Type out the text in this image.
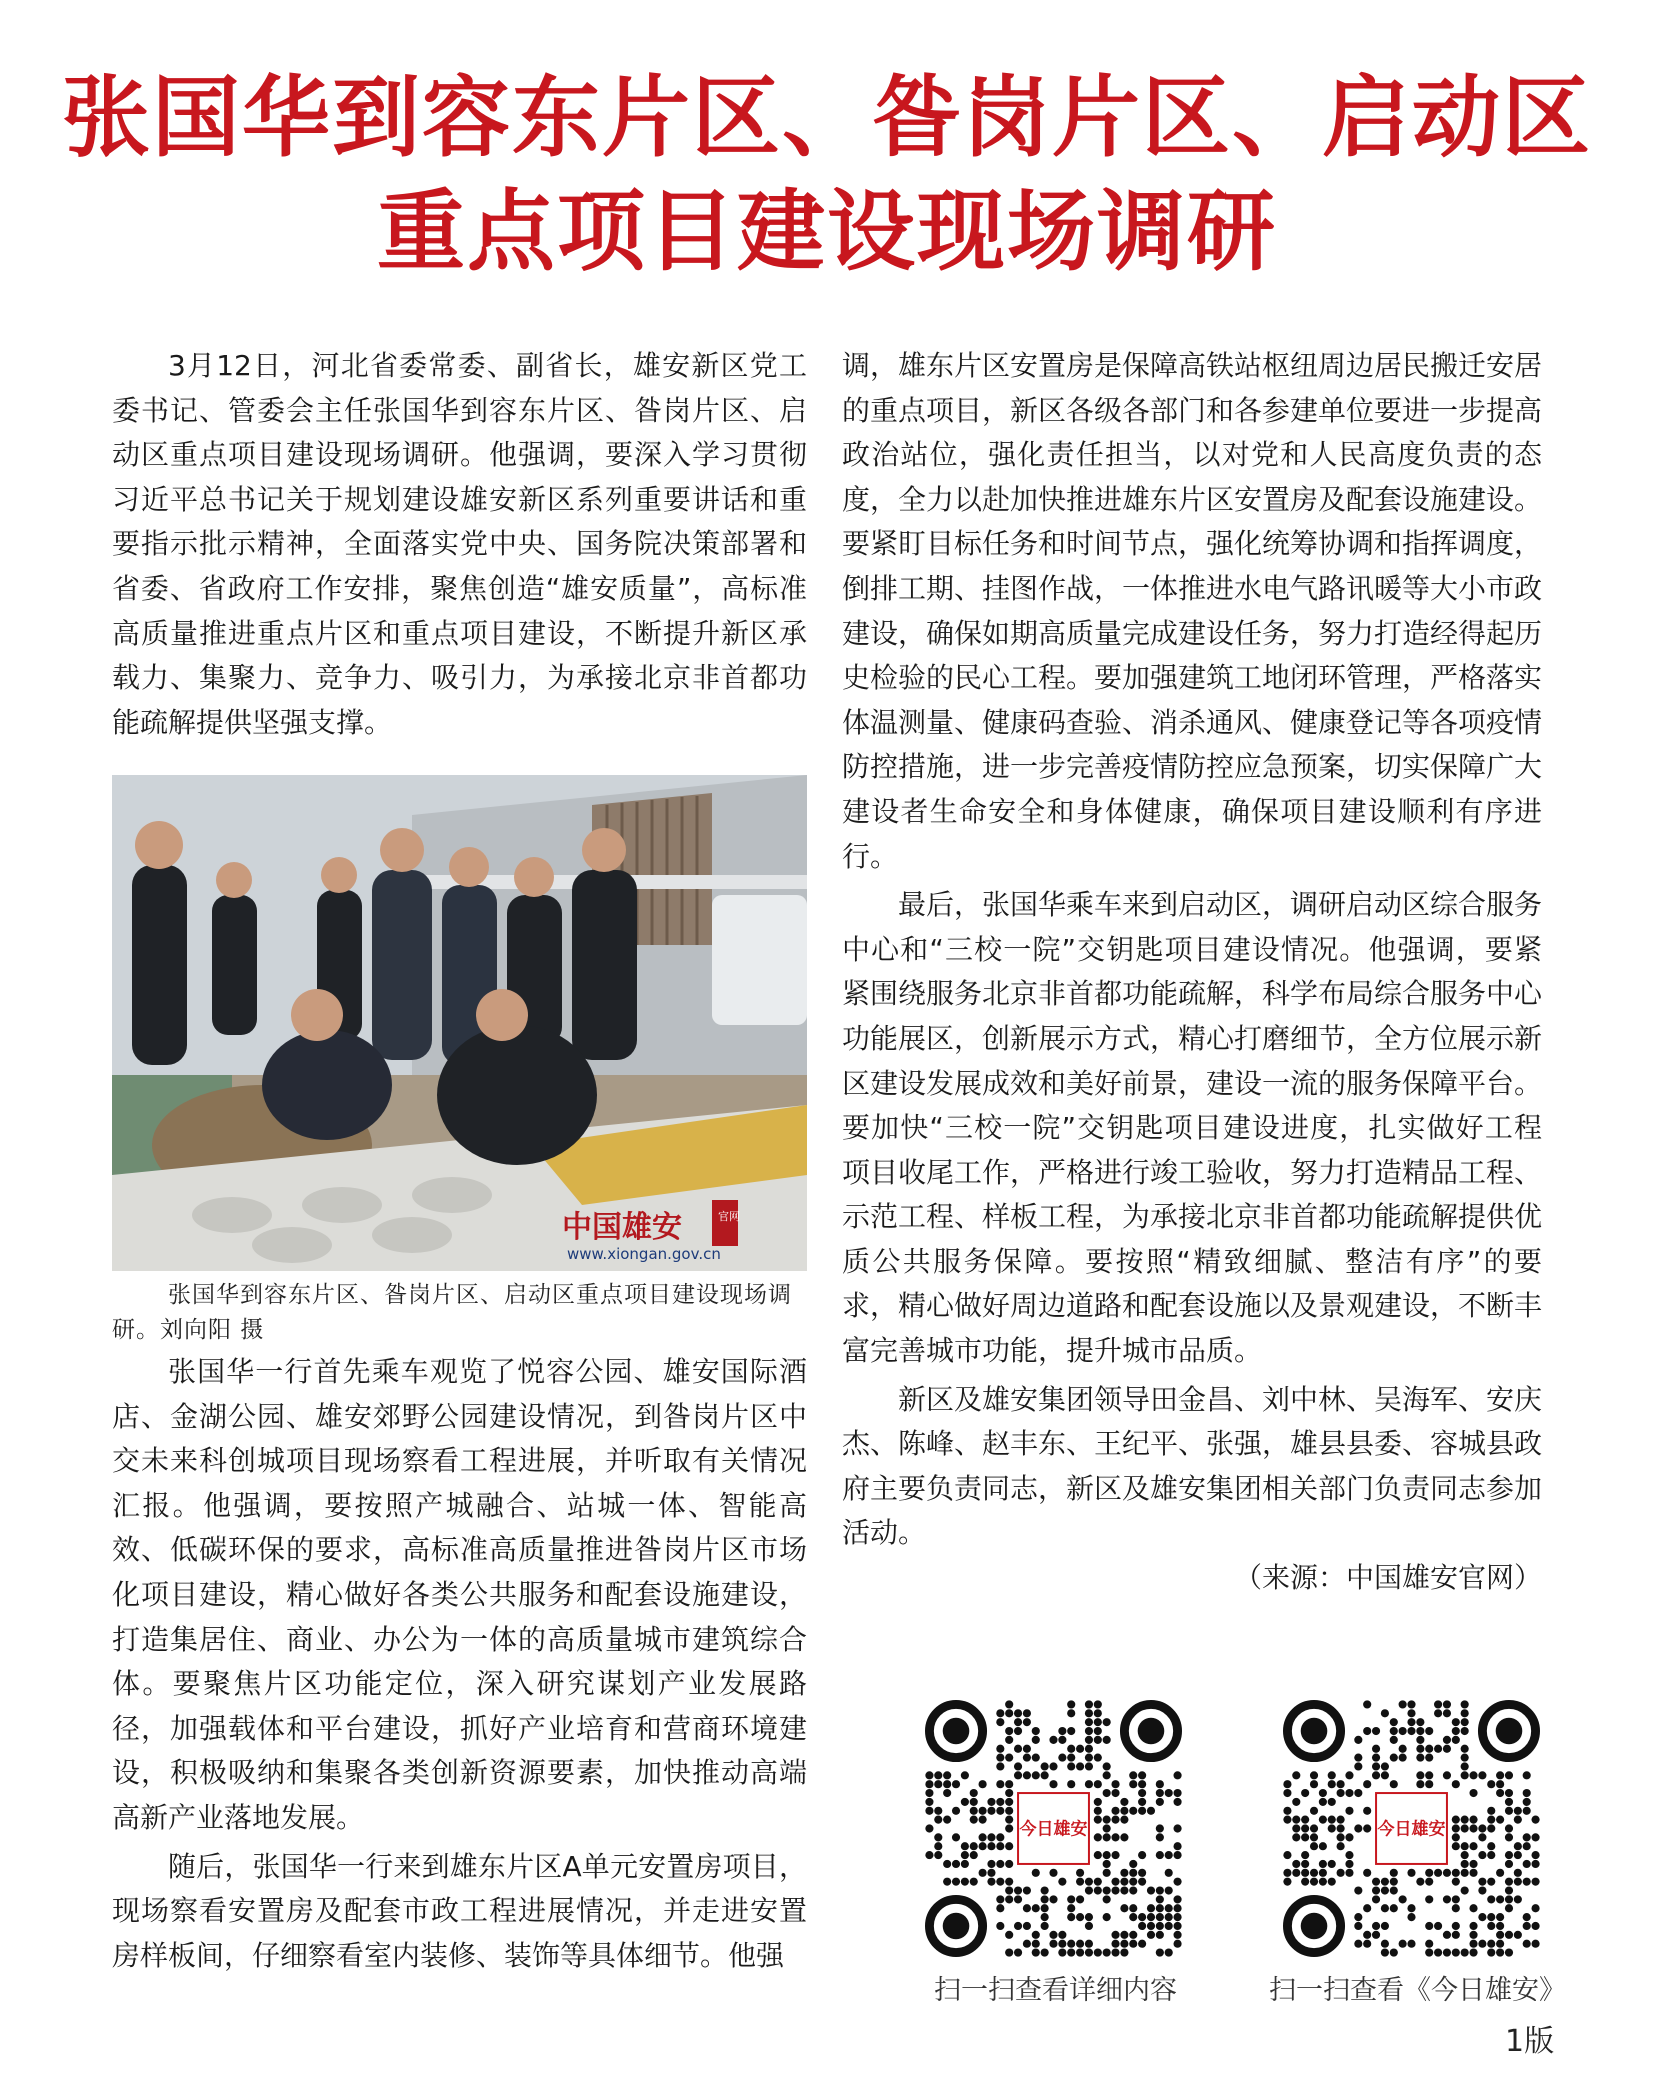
张国华到容东片区、昝岗片区、启动区
重点项目建设现场调研

3月12日，河北省委常委、副省长，雄安新区党工委书记、管委会主任张国华到容东片区、昝岗片区、启动区重点项目建设现场调研。他强调，要深入学习贯彻习近平总书记关于规划建设雄安新区系列重要讲话和重要指示批示精神，全面落实党中央、国务院决策部署和省委、省政府工作安排，聚焦创造“雄安质量”，高标准高质量推进重点片区和重点项目建设，不断提升新区承载力、集聚力、竞争力、吸引力，为承接北京非首都功能疏解提供坚强支撑。

中国雄安	官网
www.xiongan.gov.cn
张国华到容东片区、昝岗片区、启动区重点项目建设现场调研。刘向阳 摄

张国华一行首先乘车观览了悦容公园、雄安国际酒店、金湖公园、雄安郊野公园建设情况，到昝岗片区中交未来科创城项目现场察看工程进展，并听取有关情况汇报。他强调，要按照产城融合、站城一体、智能高效、低碳环保的要求，高标准高质量推进昝岗片区市场化项目建设，精心做好各类公共服务和配套设施建设，打造集居住、商业、办公为一体的高质量城市建筑综合体。要聚焦片区功能定位，深入研究谋划产业发展路径，加强载体和平台建设，抓好产业培育和营商环境建设，积极吸纳和集聚各类创新资源要素，加快推动高端高新产业落地发展。

随后，张国华一行来到雄东片区A单元安置房项目，现场察看安置房及配套市政工程进展情况，并走进安置房样板间，仔细察看室内装修、装饰等具体细节。他强

调，雄东片区安置房是保障高铁站枢纽周边居民搬迁安居的重点项目，新区各级各部门和各参建单位要进一步提高政治站位，强化责任担当，以对党和人民高度负责的态度，全力以赴加快推进雄东片区安置房及配套设施建设。要紧盯目标任务和时间节点，强化统筹协调和指挥调度，倒排工期、挂图作战，一体推进水电气路讯暖等大小市政建设，确保如期高质量完成建设任务，努力打造经得起历史检验的民心工程。要加强建筑工地闭环管理，严格落实体温测量、健康码查验、消杀通风、健康登记等各项疫情防控措施，进一步完善疫情防控应急预案，切实保障广大建设者生命安全和身体健康，确保项目建设顺利有序进行。

最后，张国华乘车来到启动区，调研启动区综合服务中心和“三校一院”交钥匙项目建设情况。他强调，要紧紧围绕服务北京非首都功能疏解，科学布局综合服务中心功能展区，创新展示方式，精心打磨细节，全方位展示新区建设发展成效和美好前景，建设一流的服务保障平台。要加快“三校一院”交钥匙项目建设进度，扎实做好工程项目收尾工作，严格进行竣工验收，努力打造精品工程、示范工程、样板工程，为承接北京非首都功能疏解提供优质公共服务保障。要按照“精致细腻、整洁有序”的要求，精心做好周边道路和配套设施以及景观建设，不断丰富完善城市功能，提升城市品质。

新区及雄安集团领导田金昌、刘中林、吴海军、安庆杰、陈峰、赵丰东、王纪平、张强，雄县县委、容城县政府主要负责同志，新区及雄安集团相关部门负责同志参加活动。

（来源：中国雄安官网）
今日雄安
扫一扫查看详细内容
今日雄安
扫一扫查看《今日雄安》
1版
